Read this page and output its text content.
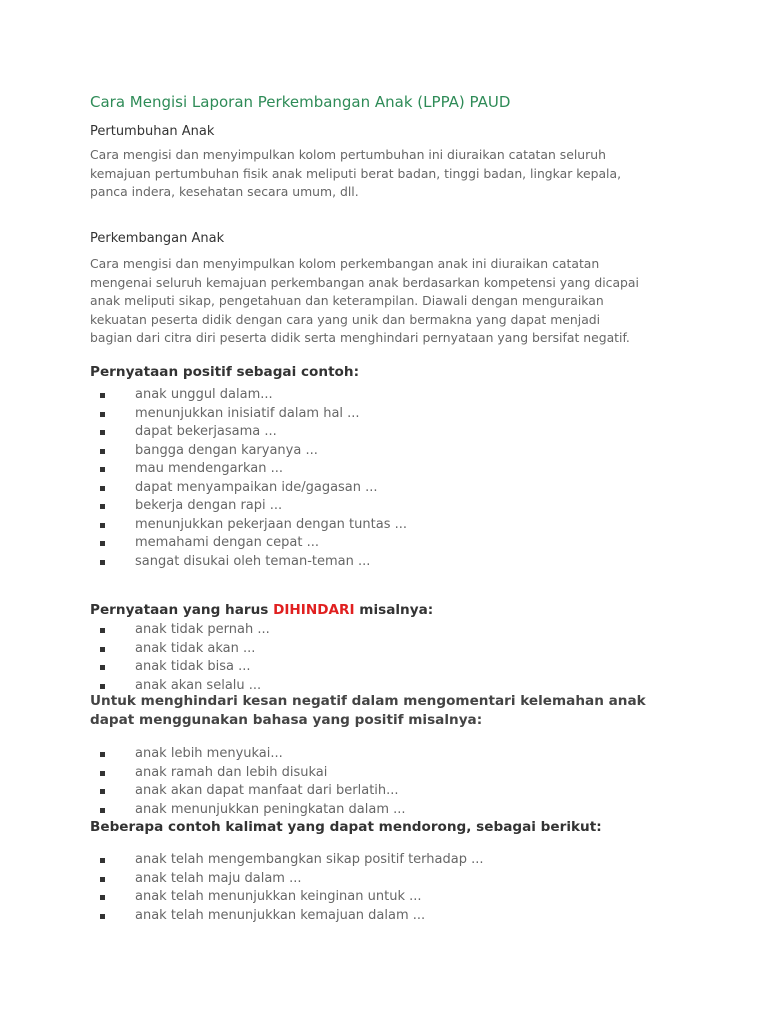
Cara Mengisi Laporan Perkembangan Anak (LPPA) PAUD
Pertumbuhan Anak

Cara mengisi dan menyimpulkan kolom pertumbuhan ini diuraikan catatan seluruh
kemajuan pertumbuhan fisik anak meliputi berat badan, tinggi badan, lingkar kepala,
panca indera, kesehatan secara umum, dll.

Perkembangan Anak

Cara mengisi dan menyimpulkan kolom perkembangan anak ini diuraikan catatan
mengenai seluruh kemajuan perkembangan anak berdasarkan kompetensi yang dicapai
anak meliputi sikap, pengetahuan dan keterampilan. Diawali dengan menguraikan
kekuatan peserta didik dengan cara yang unik dan bermakna yang dapat menjadi
bagian dari citra diri peserta didik serta menghindari pernyataan yang bersifat negatif.

Pernyataan positif sebagai contoh:
anak unggul dalam...
menunjukkan inisiatif dalam hal ...
dapat bekerjasama ...
bangga dengan karyanya ...
mau mendengarkan ...
dapat menyampaikan ide/gagasan ...
bekerja dengan rapi ...
menunjukkan pekerjaan dengan tuntas ...
memahami dengan cepat ...
sangat disukai oleh teman-teman ...
Pernyataan yang harus DIHINDARI misalnya:
anak tidak pernah ...
anak tidak akan ...
anak tidak bisa ...
anak akan selalu ...

Untuk menghindari kesan negatif dalam mengomentari kelemahan anak
dapat menggunakan bahasa yang positif misalnya:

anak lebih menyukai...
anak ramah dan lebih disukai
anak akan dapat manfaat dari berlatih...
anak menunjukkan peningkatan dalam ...
Beberapa contoh kalimat yang dapat mendorong, sebagai berikut:
anak telah mengembangkan sikap positif terhadap ...
anak telah maju dalam ...
anak telah menunjukkan keinginan untuk ...
anak telah menunjukkan kemajuan dalam ...
